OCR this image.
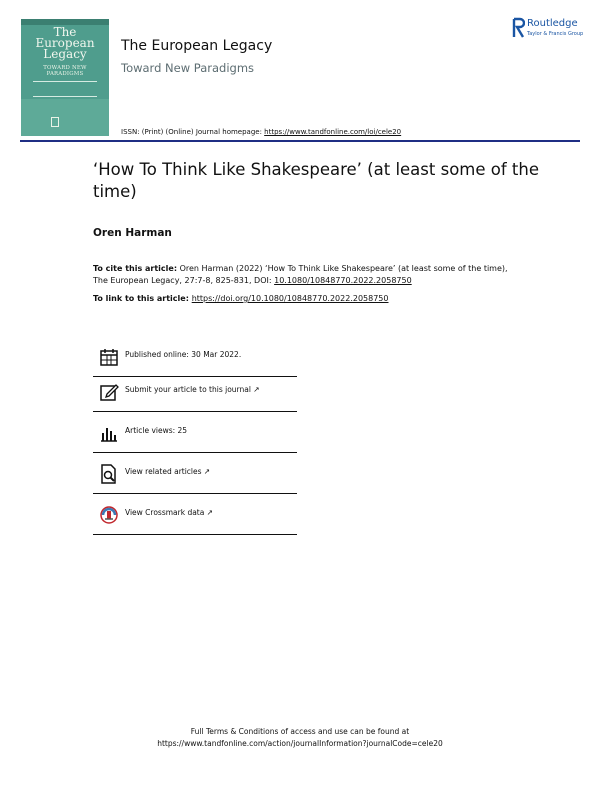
The
European
Legacy
TOWARD NEW PARADIGMS
The European Legacy
Toward New Paradigms
ISSN: (Print) (Online) Journal homepage: https://www.tandfonline.com/loi/cele20
Routledge
Taylor & Francis Group
‘How To Think Like Shakespeare’ (at least some of the time)
Oren Harman
To cite this article: Oren Harman (2022) ‘How To Think Like Shakespeare’ (at least some of the time), The European Legacy, 27:7-8, 825-831, DOI: 10.1080/10848770.2022.2058750
To link to this article: https://doi.org/10.1080/10848770.2022.2058750
Published online: 30 Mar 2022.
Submit your article to this journal ↗
Article views: 25
View related articles ↗
View Crossmark data ↗
Full Terms & Conditions of access and use can be found at
https://www.tandfonline.com/action/journalInformation?journalCode=cele20
